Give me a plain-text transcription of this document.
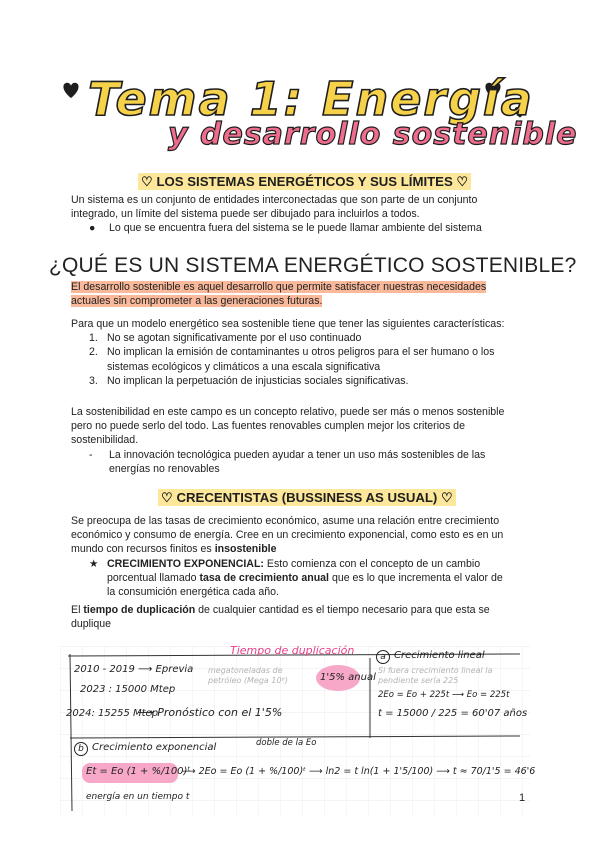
Tema 1: Energía
y desarrollo sostenible
♡ LOS SISTEMAS ENERGÉTICOS Y SUS LÍMITES ♡
Un sistema es un conjunto de entidades interconectadas que son parte de un conjunto
integrado, un límite del sistema puede ser dibujado para incluirlos a todos.
●	Lo que se encuentra fuera del sistema se le puede llamar ambiente del sistema
¿QUÉ ES UN SISTEMA ENERGÉTICO SOSTENIBLE?
El desarrollo sostenible es aquel desarrollo que permite satisfacer nuestras necesidades
actuales sin comprometer a las generaciones futuras.
Para que un modelo energético sea sostenible tiene que tener las siguientes características:
1. No se agotan significativamente por el uso continuado
2. No implican la emisión de contaminantes u otros peligros para el ser humano o los
sistemas ecológicos y climáticos a una escala significativa
3. No implican la perpetuación de injusticias sociales significativas.
La sostenibilidad en este campo es un concepto relativo, puede ser más o menos sostenible
pero no puede serlo del todo. Las fuentes renovables cumplen mejor los criterios de
sostenibilidad.
-	La innovación tecnológica pueden ayudar a tener un uso más sostenibles de las
energías no renovables
♡ CRECENTISTAS (BUSSINESS AS USUAL) ♡
Se preocupa de las tasas de crecimiento económico, asume una relación entre crecimiento
económico y consumo de energía. Cree en un crecimiento exponencial, como esto es en un
mundo con recursos finitos es insostenible
★ CRECIMIENTO EXPONENCIAL: Esto comienza con el concepto de un cambio
porcentual llamado tasa de crecimiento anual que es lo que incrementa el valor de
la consumición energética cada año.
El tiempo de duplicación de cualquier cantidad es el tiempo necesario para que esta se
duplique
Tiempo de duplicación
2010 - 2019 ⟶ Eprevia megatoneladas de petróleo (Mega 10⁶)	1'5% anual
2023 : 15000 Mtep
2024: 15255 Mtep
⟶ Pronóstico con el 1'5%
a Crecimiento lineal
Si fuera crecimiento lineal la pendiente sería 225
2Eo = Eo + 225t ⟶ Eo = 225t
t = 15000 / 225 = 60'07 años
b Crecimiento exponencial	doble de la Eo
Et = Eo (1 + %/100)ᵗ
⟶ 2Eo = Eo (1 + %/100)ᵗ ⟶ ln2 = t ln(1 + 1'5/100) ⟶ t ≈ 70/1'5 = 46'6
energía en un tiempo t	1
